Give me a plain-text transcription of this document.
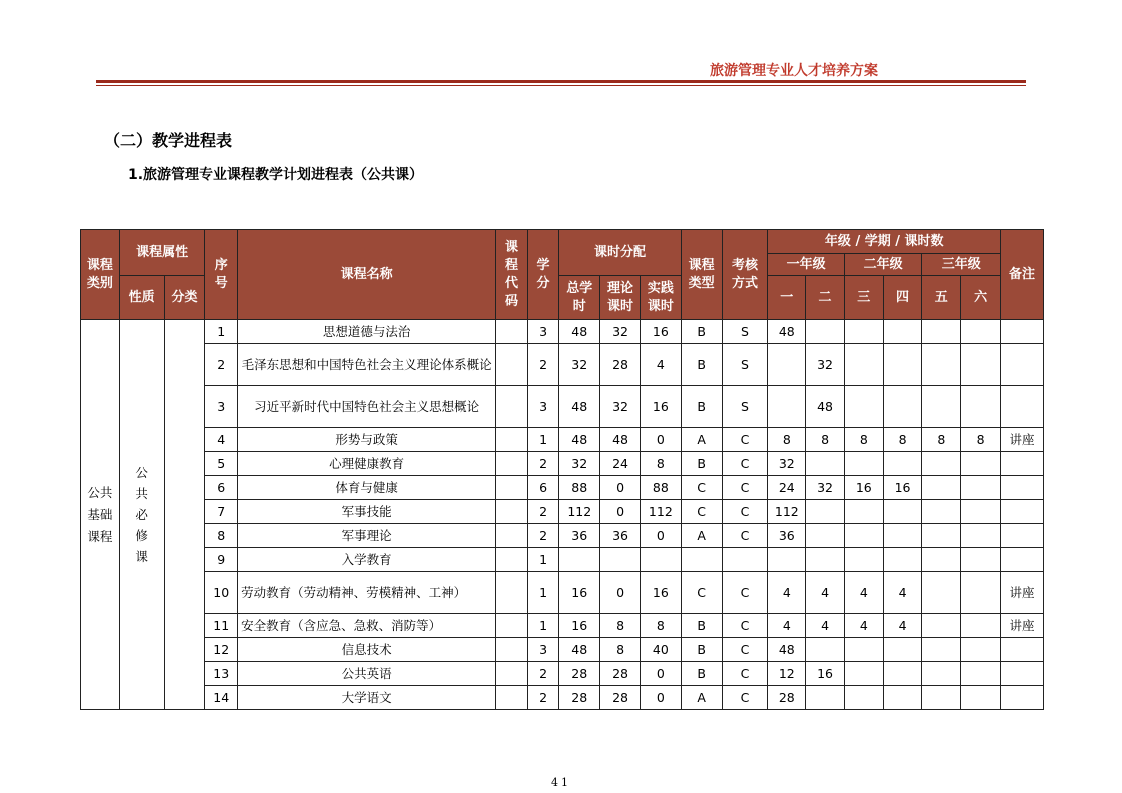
旅游管理专业人才培养方案
（二）教学进程表
1.旅游管理专业课程教学计划进程表（公共课）
课程类别	课程属性		序号	课程名称	课程代码	学分	课时分配			课程类型	考核方式	年级 / 学期 / 课时数						备注
												一年级		二年级		三年级		
	性质	分类					总学时	理论课时	实践课时			一	二	三	四	五	六	

公共基础课程	公共必修课		1	思想道德与法治		3	48	32	16	B	S	48						
			2	毛泽东思想和中国特色社会主义理论体系概论		2	32	28	4	B	S		32					
			3	习近平新时代中国特色社会主义思想概论		3	48	32	16	B	S		48					
			4	形势与政策		1	48	48	0	A	C	8	8	8	8	8	8	讲座
			5	心理健康教育		2	32	24	8	B	C	32						
			6	体育与健康		6	88	0	88	C	C	24	32	16	16			
			7	军事技能		2	112	0	112	C	C	112						
			8	军事理论		2	36	36	0	A	C	36						
			9	入学教育		1												
			10	劳动教育（劳动精神、劳模精神、工神）		1	16	0	16	C	C	4	4	4	4			讲座
			11	安全教育（含应急、急救、消防等）		1	16	8	8	B	C	4	4	4	4			讲座
			12	信息技术		3	48	8	40	B	C	48						
			13	公共英语		2	28	28	0	B	C	12	16					
			14	大学语文		2	28	28	0	A	C	28						
41
